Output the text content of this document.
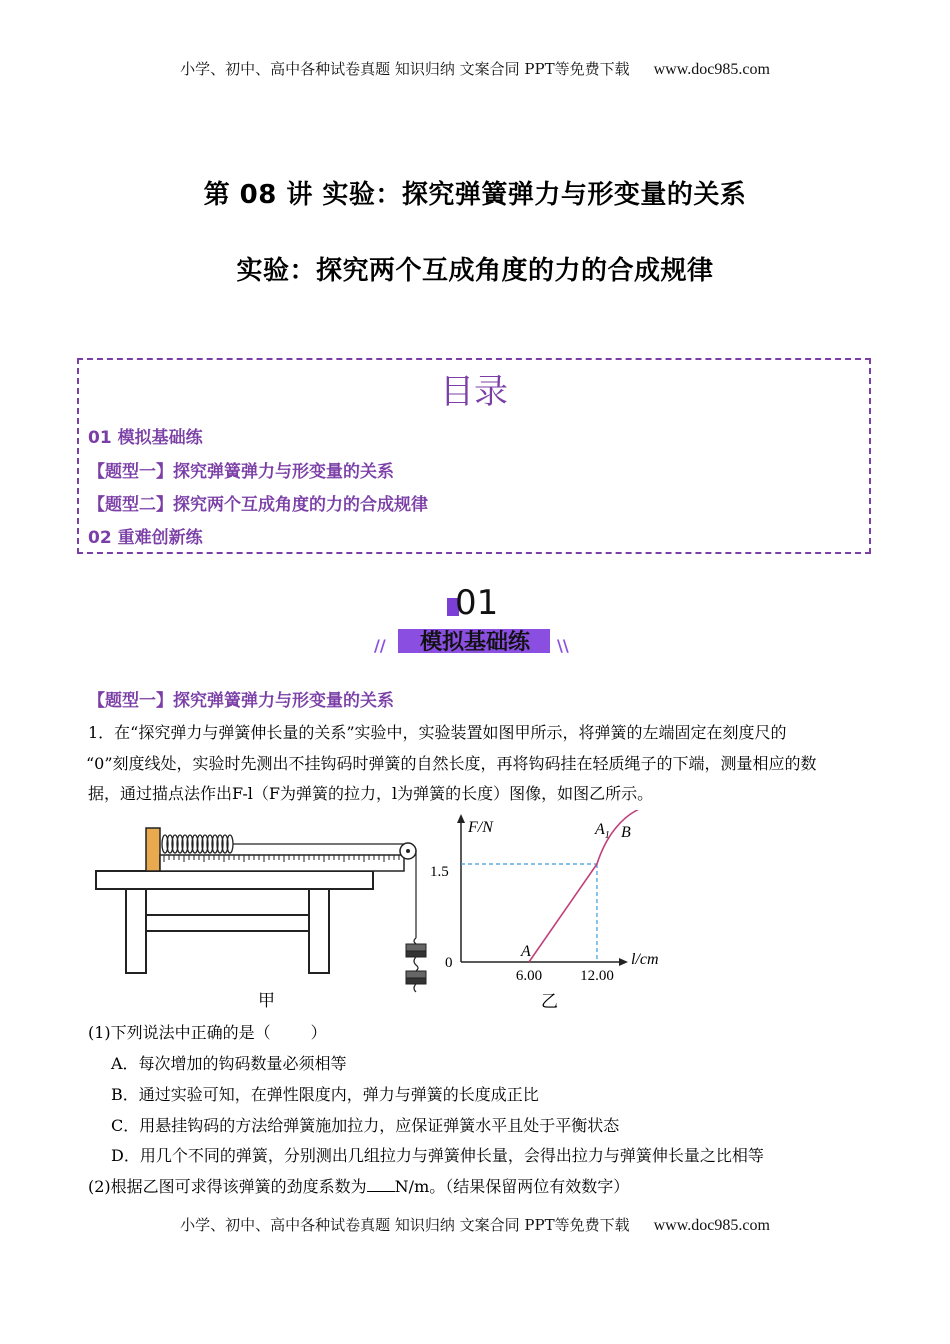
小学、初中、高中各种试卷真题 知识归纳 文案合同 PPT等免费下载 www.doc985.com
第 08 讲 实验：探究弹簧弹力与形变量的关系
实验：探究两个互成角度的力的合成规律
目录
01 模拟基础练
【题型一】探究弹簧弹力与形变量的关系
【题型二】探究两个互成角度的力的合成规律
02 重难创新练
01
模拟基础练
//	\\
【题型一】探究弹簧弹力与形变量的关系
1．在“探究弹力与弹簧伸长量的关系”实验中，实验装置如图甲所示，将弹簧的左端固定在刻度尺的
“0”刻度线处，实验时先测出不挂钩码时弹簧的自然长度，再将钩码挂在轻质绳子的下端，测量相应的数
据，通过描点法作出F-l（F为弹簧的拉力，l为弹簧的长度）图像，如图乙所示。
甲
F/N
l/cm
0
1.5
6.00	12.00
A
$A_1$ B
乙
(1)下列说法中正确的是（	）
A．每次增加的钩码数量必须相等
B．通过实验可知，在弹性限度内，弹力与弹簧的长度成正比
C．用悬挂钩码的方法给弹簧施加拉力，应保证弹簧水平且处于平衡状态
D．用几个不同的弹簧，分别测出几组拉力与弹簧伸长量，会得出拉力与弹簧伸长量之比相等
(2)根据乙图可求得该弹簧的劲度系数为 N/m。（结果保留两位有效数字）
小学、初中、高中各种试卷真题 知识归纳 文案合同 PPT等免费下载 www.doc985.com
